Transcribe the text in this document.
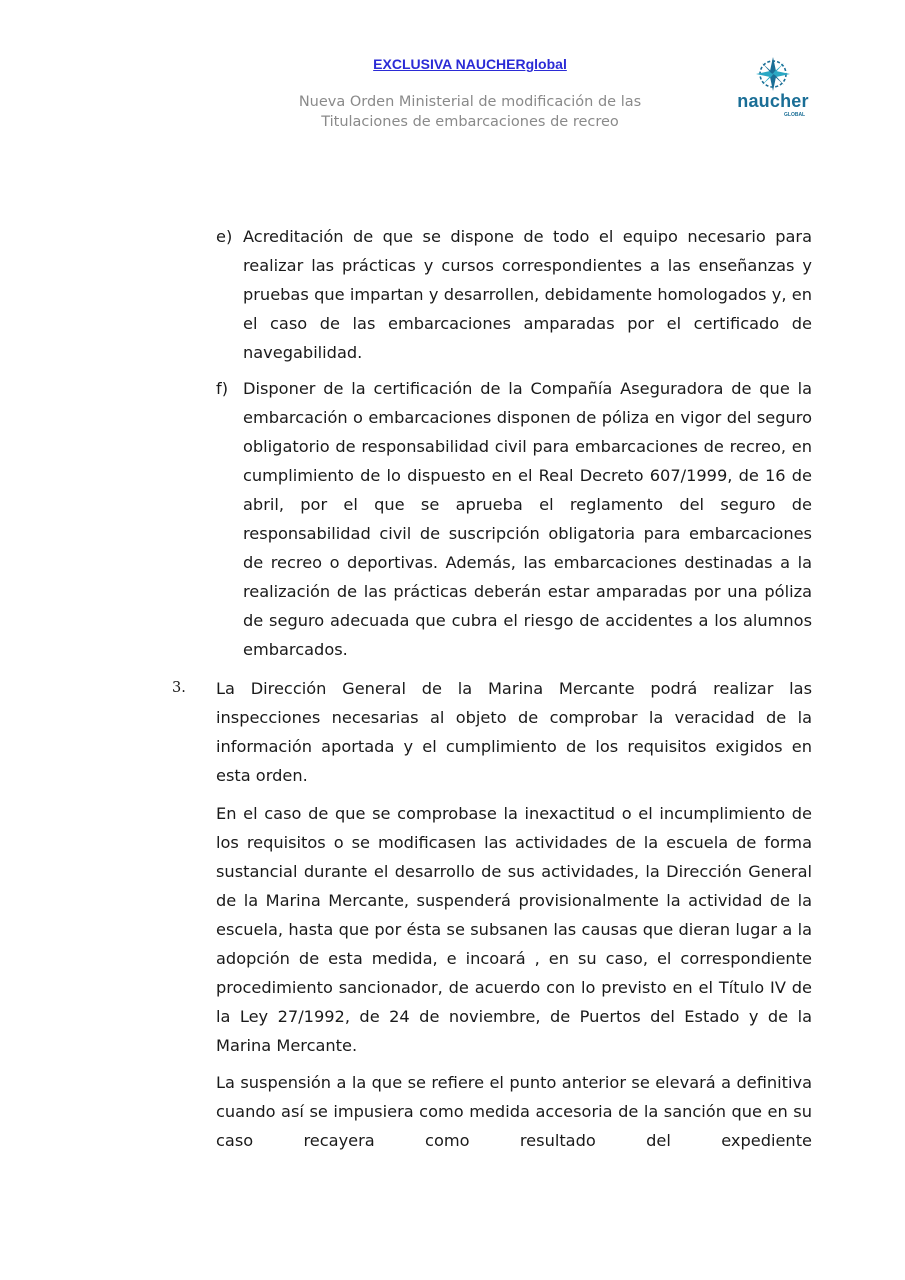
EXCLUSIVA NAUCHERglobal
Nueva Orden Ministerial de modificación de las
Titulaciones de embarcaciones de recreo
naucher
GLOBAL
e) Acreditación de que se dispone de todo el equipo necesario para realizar las prácticas y cursos correspondientes a las enseñanzas y pruebas que impartan y desarrollen, debidamente homologados y, en el caso de las embarcaciones amparadas por el certificado de navegabilidad.

f) Disponer de la certificación de la Compañía Aseguradora de que la embarcación o embarcaciones disponen de póliza en vigor del seguro obligatorio de responsabilidad civil para embarcaciones de recreo, en cumplimiento de lo dispuesto en el Real Decreto 607/1999, de 16 de abril, por el que se aprueba el reglamento del seguro de responsabilidad civil de suscripción obligatoria para embarcaciones de recreo o deportivas. Además, las embarcaciones destinadas a la realización de las prácticas deberán estar amparadas por una póliza de seguro adecuada que cubra el riesgo de accidentes a los alumnos embarcados.

3. La Dirección General de la Marina Mercante podrá realizar las inspecciones necesarias al objeto de comprobar la veracidad de la información aportada y el cumplimiento de los requisitos exigidos en esta orden.

En el caso de que se comprobase la inexactitud o el incumplimiento de los requisitos o se modificasen las actividades de la escuela de forma sustancial durante el desarrollo de sus actividades, la Dirección General de la Marina Mercante, suspenderá provisionalmente la actividad de la escuela, hasta que por ésta se subsanen las causas que dieran lugar a la adopción de esta medida, e incoará , en su caso, el correspondiente procedimiento sancionador, de acuerdo con lo previsto en el Título IV de la Ley 27/1992, de 24 de noviembre, de Puertos del Estado y de la Marina Mercante.

La suspensión a la que se refiere el punto anterior se elevará a definitiva cuando así se impusiera como medida accesoria de la sanción que en su caso recayera como resultado del expediente
